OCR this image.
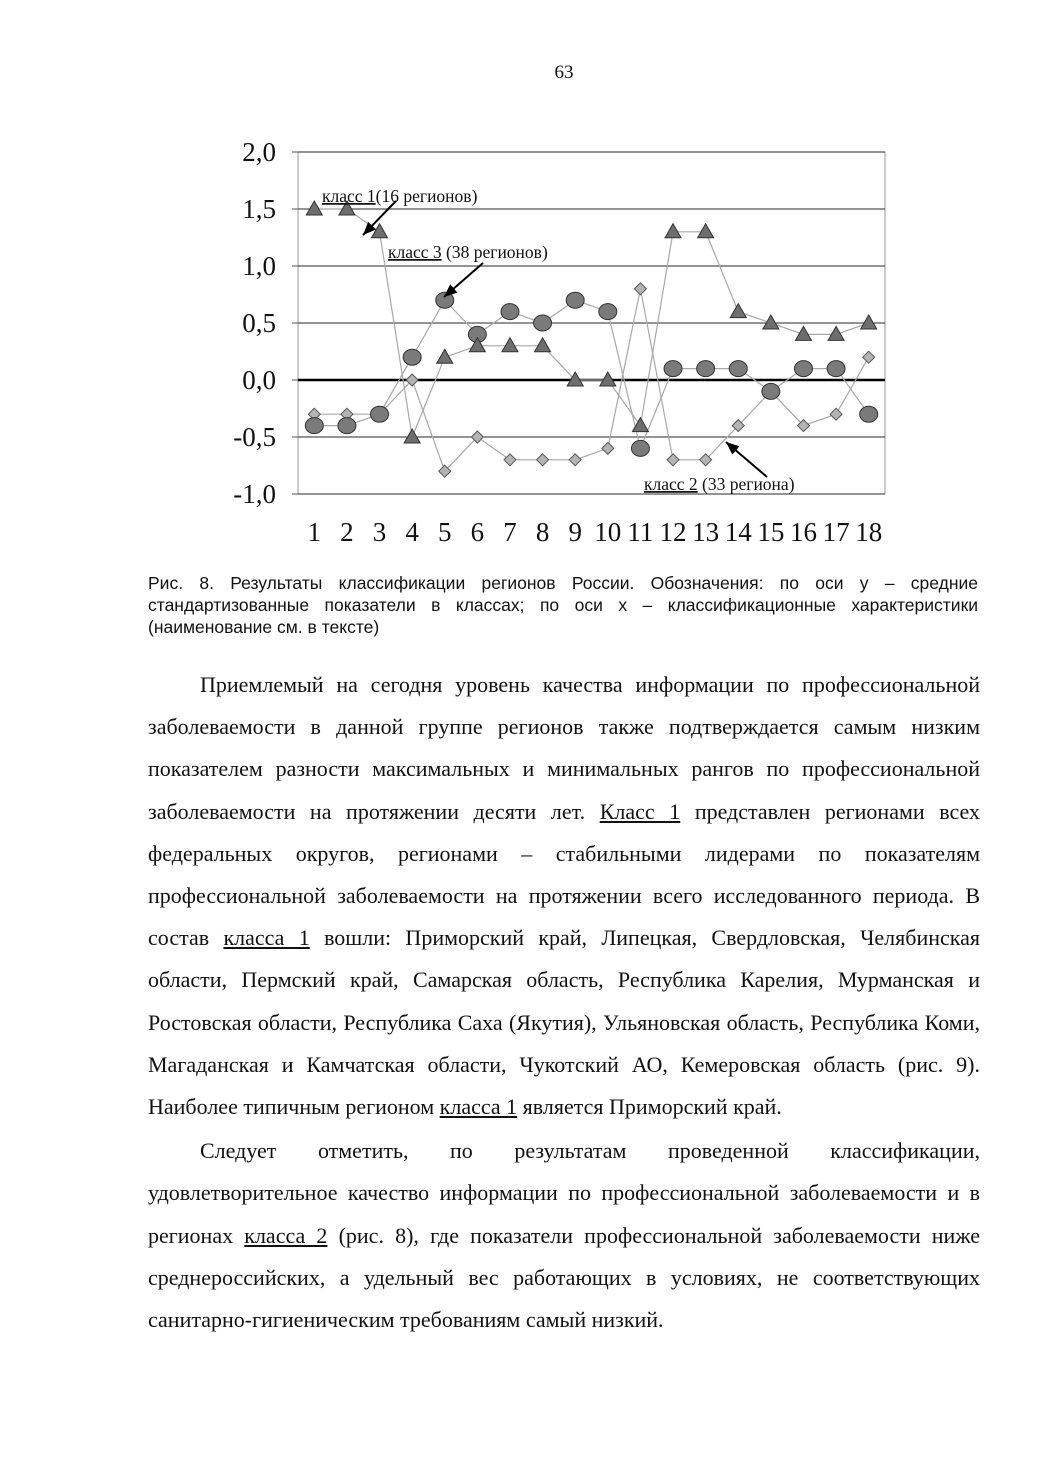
63
2,0
1,5
1,0
0,5
0,0
-0,5
-1,0
1 2 3 4 5 6 7 8 9 10 11 12 13 14 15 16 17 18
класс 1(16 регионов)
класс 3 (38 регионов)
класс 2 (33 региона)
Рис. 8. Результаты классификации регионов России. Обозначения: по оси у – средние стандартизованные показатели в классах; по оси х – классификационные характеристики (наименование см. в тексте)

Приемлемый на сегодня уровень качества информации по профессиональной заболеваемости в данной группе регионов также подтверждается самым низким показателем разности максимальных и минимальных рангов по профессиональной заболеваемости на протяжении десяти лет. Класс 1 представлен регионами всех федеральных округов, регионами – стабильными лидерами по показателям профессиональной заболеваемости на протяжении всего исследованного периода. В состав класса 1 вошли: Приморский край, Липецкая, Свердловская, Челябинская области, Пермский край, Самарская область, Республика Карелия, Мурманская и Ростовская области, Республика Саха (Якутия), Ульяновская область, Республика Коми, Магаданская и Камчатская области, Чукотский АО, Кемеровская область (рис. 9). Наиболее типичным регионом класса 1 является Приморский край.

Следует отметить, по результатам проведенной классификации, удовлетворительное качество информации по профессиональной заболеваемости и в регионах класса 2 (рис. 8), где показатели профессиональной заболеваемости ниже среднероссийских, а удельный вес работающих в условиях, не соответствующих санитарно-гигиеническим требованиям самый низкий.
